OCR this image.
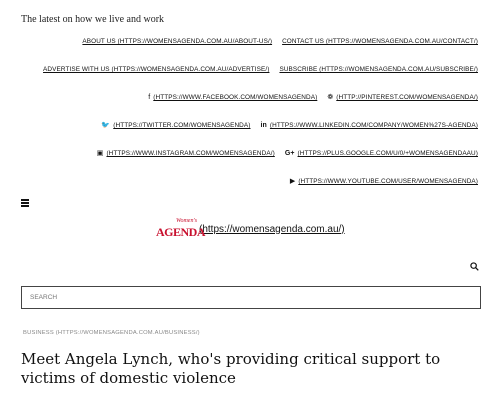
The latest on how we live and work
ABOUT US (HTTPS://WOMENSAGENDA.COM.AU/ABOUT-US/) CONTACT US (HTTPS://WOMENSAGENDA.COM.AU/CONTACT/)
ADVERTISE WITH US (HTTPS://WOMENSAGENDA.COM.AU/ADVERTISE/) SUBSCRIBE (HTTPS://WOMENSAGENDA.COM.AU/SUBSCRIBE/)
f (HTTPS://WWW.FACEBOOK.COM/WOMENSAGENDA) ❁ (HTTP://PINTEREST.COM/WOMENSAGENDA/)
🐦 (HTTPS://TWITTER.COM/WOMENSAGENDA) in (HTTPS://WWW.LINKEDIN.COM/COMPANY/WOMEN%27S-AGENDA)
▣ (HTTPS://WWW.INSTAGRAM.COM/WOMENSAGENDA/) G+ (HTTPS://PLUS.GOOGLE.COM/U/0/+WOMENSAGENDAAU)
▶ (HTTPS://WWW.YOUTUBE.COM/USER/WOMENSAGENDA)
Women's
AGENDA
(https://womensagenda.com.au/)
SEARCH
BUSINESS (HTTPS://WOMENSAGENDA.COM.AU/BUSINESS/)
Meet Angela Lynch, who's providing critical support to victims of domestic violence
